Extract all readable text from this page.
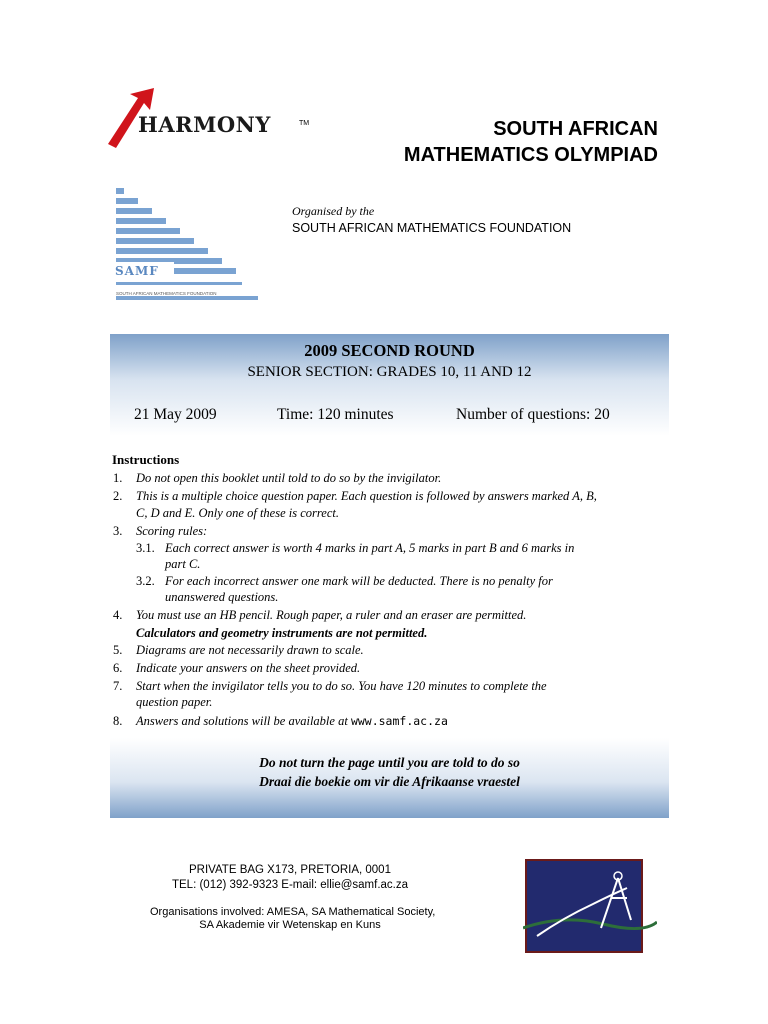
HARMONY	TM	SOUTH AFRICAN
MATHEMATICS OLYMPIAD
SAMF
SOUTH AFRICAN MATHEMATICS FOUNDATION
Organised by the
SOUTH AFRICAN MATHEMATICS FOUNDATION
2009 SECOND ROUND
SENIOR SECTION: GRADES 10, 11 AND 12
21 May 2009	Time: 120 minutes	Number of questions: 20
Instructions
1. Do not open this booklet until told to do so by the invigilator.
2. This is a multiple choice question paper. Each question is followed by answers marked A, B,
C, D and E. Only one of these is correct.
3. Scoring rules:
3.1. Each correct answer is worth 4 marks in part A, 5 marks in part B and 6 marks in
part C.
3.2. For each incorrect answer one mark will be deducted. There is no penalty for
unanswered questions.
4. You must use an HB pencil. Rough paper, a ruler and an eraser are permitted.
Calculators and geometry instruments are not permitted.
5. Diagrams are not necessarily drawn to scale.
6. Indicate your answers on the sheet provided.
7. Start when the invigilator tells you to do so. You have 120 minutes to complete the
question paper.
8. Answers and solutions will be available at www.samf.ac.za
Do not turn the page until you are told to do so
Draai die boekie om vir die Afrikaanse vraestel
PRIVATE BAG X173, PRETORIA, 0001
TEL: (012) 392-9323 E-mail: ellie@samf.ac.za
Organisations involved: AMESA, SA Mathematical Society,
SA Akademie vir Wetenskap en Kuns
